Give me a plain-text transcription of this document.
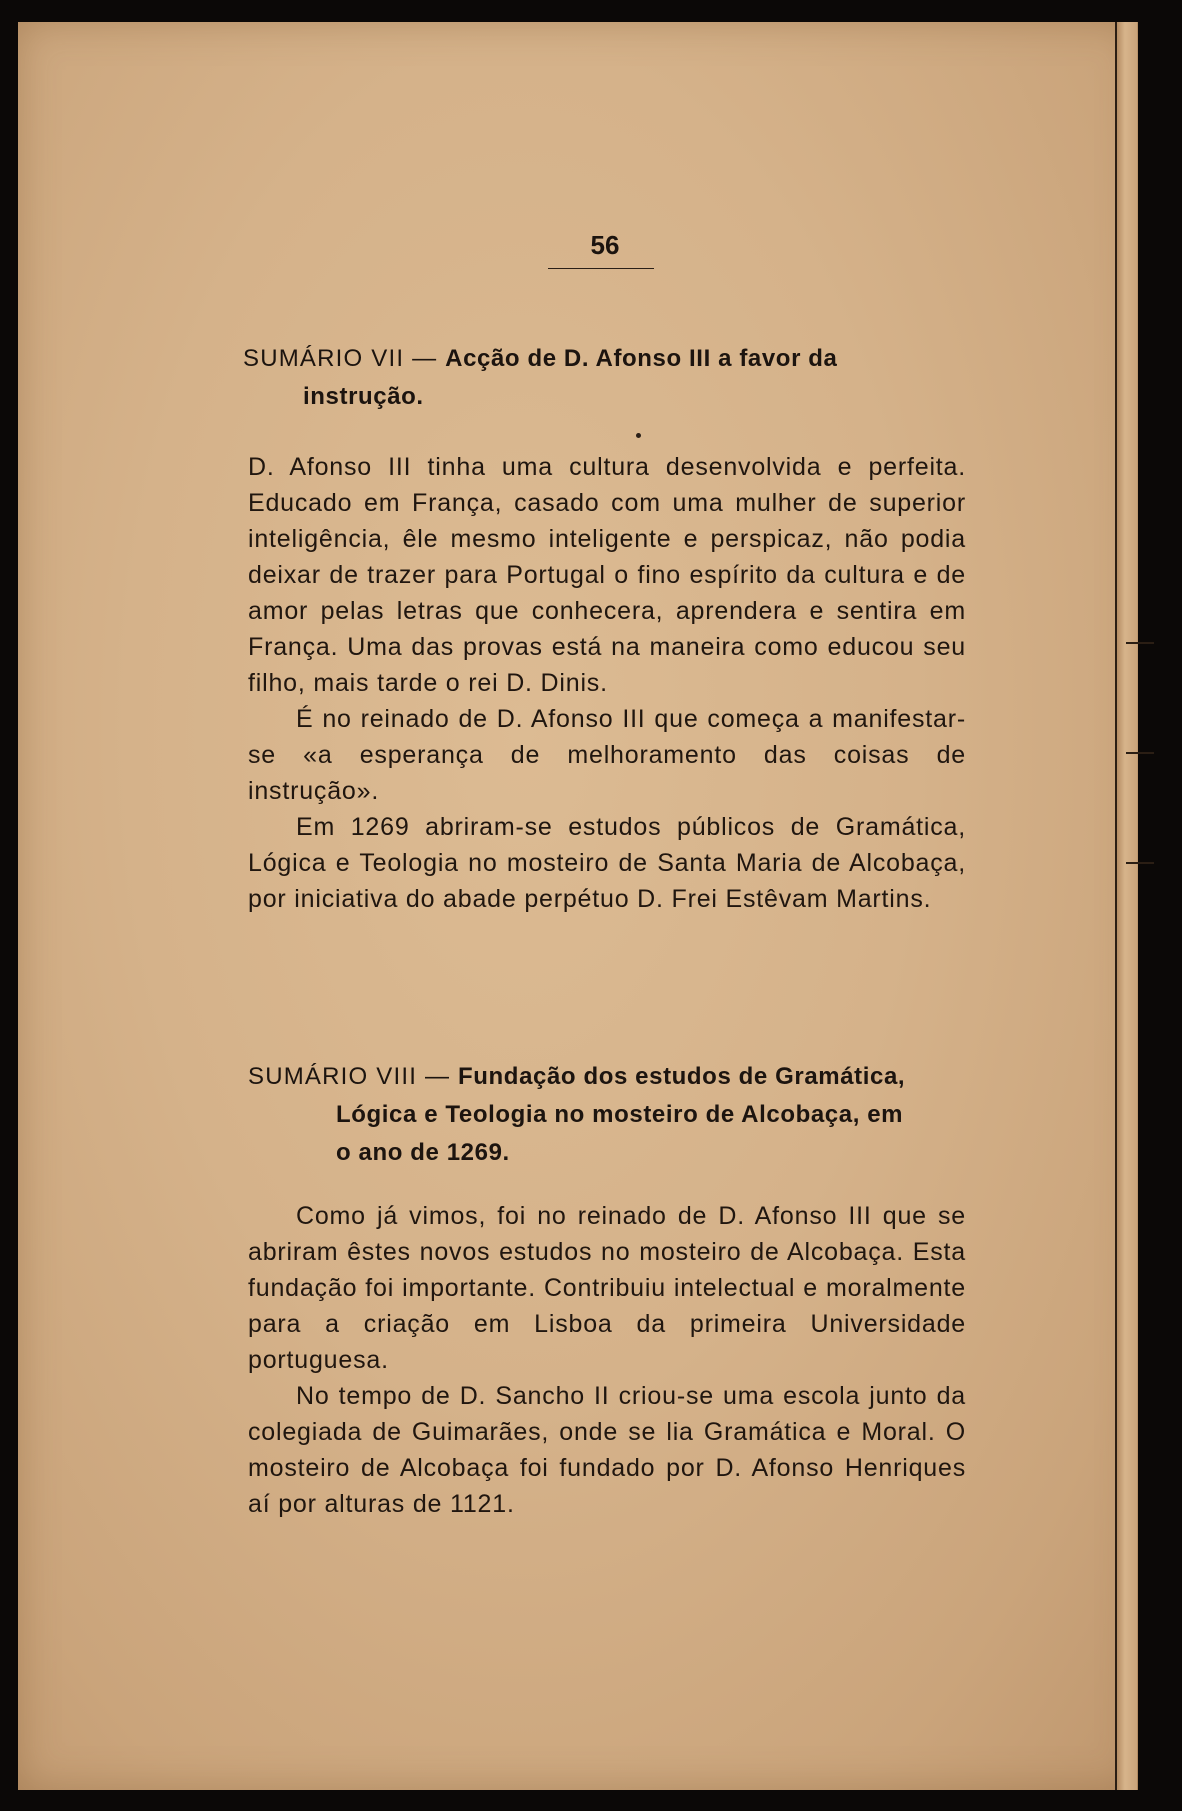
56
SUMÁRIO VII — Acção de D. Afonso III a favor da
instrução.

D. Afonso III tinha uma cultura desenvolvida e perfeita. Educado em França, casado com uma mulher de superior inteligência, êle mesmo inteligente e perspicaz, não podia deixar de trazer para Portugal o fino espírito da cultura e de amor pelas letras que conhecera, aprendera e sentira em França. Uma das provas está na maneira como educou seu filho, mais tarde o rei D. Dinis.

É no reinado de D. Afonso III que começa a manifestar-se «a esperança de melhoramento das coisas de instrução».

Em 1269 abriram-se estudos públicos de Gramática, Lógica e Teologia no mosteiro de Santa Maria de Alcobaça, por iniciativa do abade perpétuo D. Frei Estêvam Martins.

SUMÁRIO VIII — Fundação dos estudos de Gramática,
Lógica e Teologia no mosteiro de Alcobaça, em
o ano de 1269.

Como já vimos, foi no reinado de D. Afonso III que se abriram êstes novos estudos no mosteiro de Alcobaça. Esta fundação foi importante. Contribuiu intelectual e moralmente para a criação em Lisboa da primeira Universidade portuguesa.

No tempo de D. Sancho II criou-se uma escola junto da colegiada de Guimarães, onde se lia Gramática e Moral. O mosteiro de Alcobaça foi fundado por D. Afonso Henriques aí por alturas de 1121.
